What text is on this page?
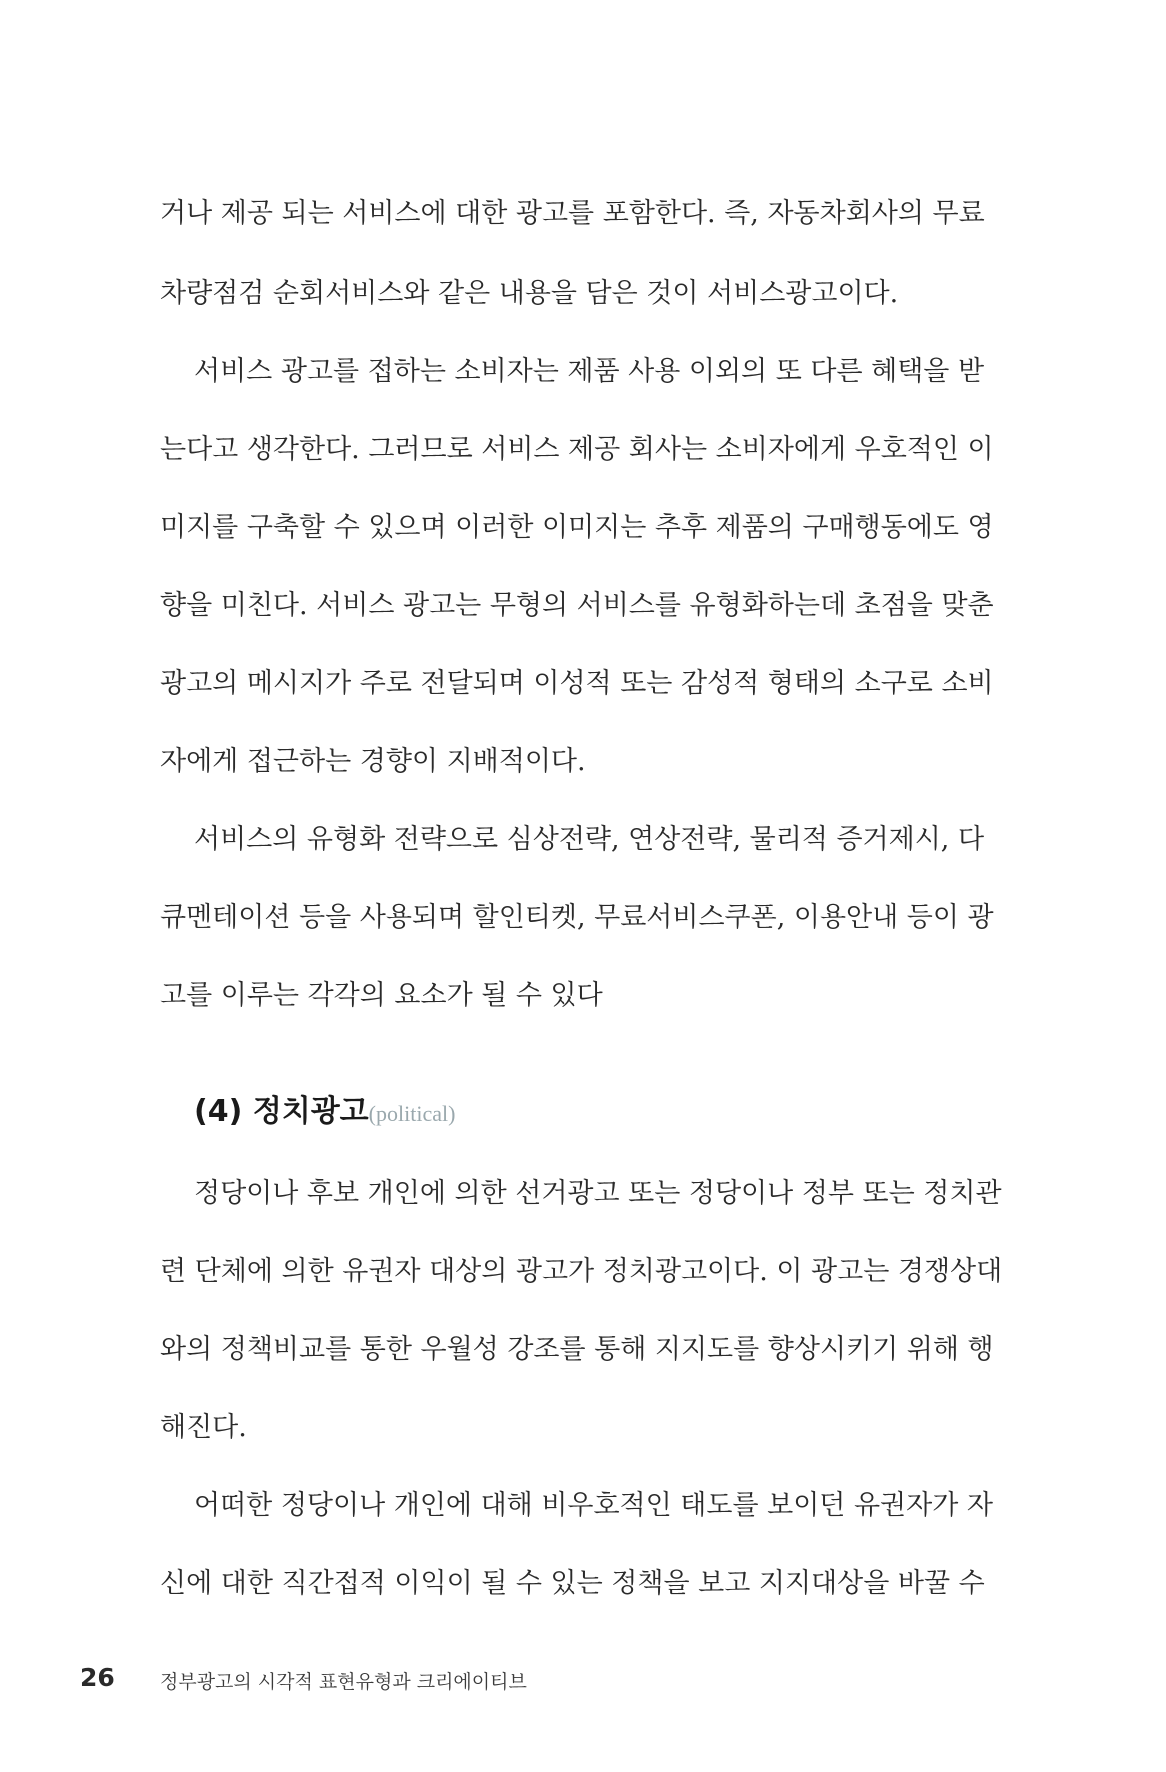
거나 제공 되는 서비스에 대한 광고를 포함한다. 즉, 자동차회사의 무료
차량점검 순회서비스와 같은 내용을 담은 것이 서비스광고이다.
서비스 광고를 접하는 소비자는 제품 사용 이외의 또 다른 혜택을 받
는다고 생각한다. 그러므로 서비스 제공 회사는 소비자에게 우호적인 이
미지를 구축할 수 있으며 이러한 이미지는 추후 제품의 구매행동에도 영
향을 미친다. 서비스 광고는 무형의 서비스를 유형화하는데 초점을 맞춘
광고의 메시지가 주로 전달되며 이성적 또는 감성적 형태의 소구로 소비
자에게 접근하는 경향이 지배적이다.
서비스의 유형화 전략으로 심상전략, 연상전략, 물리적 증거제시, 다
큐멘테이션 등을 사용되며 할인티켓, 무료서비스쿠폰, 이용안내 등이 광
고를 이루는 각각의 요소가 될 수 있다
(4) 정치광고(political)
정당이나 후보 개인에 의한 선거광고 또는 정당이나 정부 또는 정치관
련 단체에 의한 유권자 대상의 광고가 정치광고이다. 이 광고는 경쟁상대
와의 정책비교를 통한 우월성 강조를 통해 지지도를 향상시키기 위해 행
해진다.
어떠한 정당이나 개인에 대해 비우호적인 태도를 보이던 유권자가 자
신에 대한 직간접적 이익이 될 수 있는 정책을 보고 지지대상을 바꿀 수
26 정부광고의 시각적 표현유형과 크리에이티브
